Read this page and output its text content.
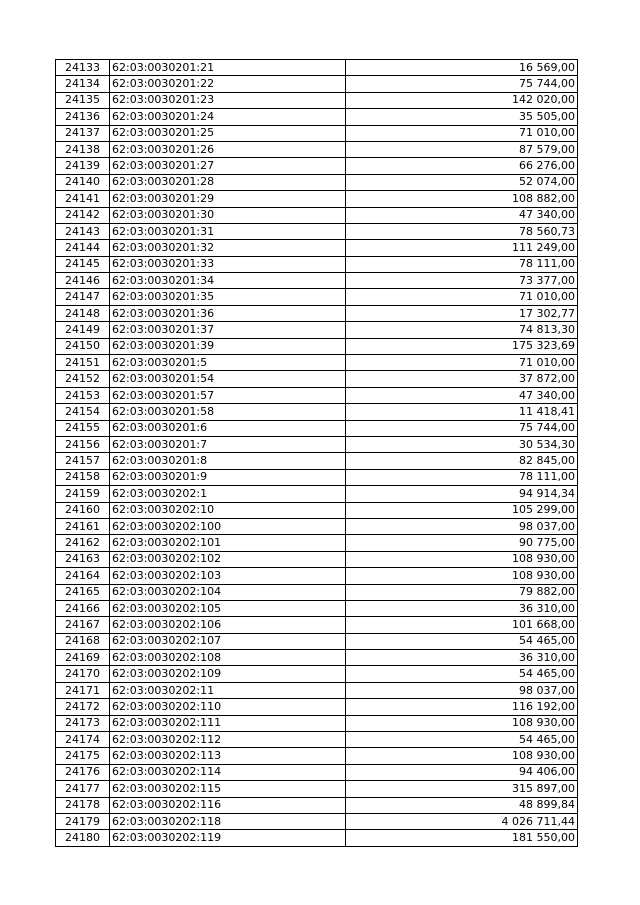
24133	62:03:0030201:21	16 569,00
24134	62:03:0030201:22	75 744,00
24135	62:03:0030201:23	142 020,00
24136	62:03:0030201:24	35 505,00
24137	62:03:0030201:25	71 010,00
24138	62:03:0030201:26	87 579,00
24139	62:03:0030201:27	66 276,00
24140	62:03:0030201:28	52 074,00
24141	62:03:0030201:29	108 882,00
24142	62:03:0030201:30	47 340,00
24143	62:03:0030201:31	78 560,73
24144	62:03:0030201:32	111 249,00
24145	62:03:0030201:33	78 111,00
24146	62:03:0030201:34	73 377,00
24147	62:03:0030201:35	71 010,00
24148	62:03:0030201:36	17 302,77
24149	62:03:0030201:37	74 813,30
24150	62:03:0030201:39	175 323,69
24151	62:03:0030201:5	71 010,00
24152	62:03:0030201:54	37 872,00
24153	62:03:0030201:57	47 340,00
24154	62:03:0030201:58	11 418,41
24155	62:03:0030201:6	75 744,00
24156	62:03:0030201:7	30 534,30
24157	62:03:0030201:8	82 845,00
24158	62:03:0030201:9	78 111,00
24159	62:03:0030202:1	94 914,34
24160	62:03:0030202:10	105 299,00
24161	62:03:0030202:100	98 037,00
24162	62:03:0030202:101	90 775,00
24163	62:03:0030202:102	108 930,00
24164	62:03:0030202:103	108 930,00
24165	62:03:0030202:104	79 882,00
24166	62:03:0030202:105	36 310,00
24167	62:03:0030202:106	101 668,00
24168	62:03:0030202:107	54 465,00
24169	62:03:0030202:108	36 310,00
24170	62:03:0030202:109	54 465,00
24171	62:03:0030202:11	98 037,00
24172	62:03:0030202:110	116 192,00
24173	62:03:0030202:111	108 930,00
24174	62:03:0030202:112	54 465,00
24175	62:03:0030202:113	108 930,00
24176	62:03:0030202:114	94 406,00
24177	62:03:0030202:115	315 897,00
24178	62:03:0030202:116	48 899,84
24179	62:03:0030202:118	4 026 711,44
24180	62:03:0030202:119	181 550,00
